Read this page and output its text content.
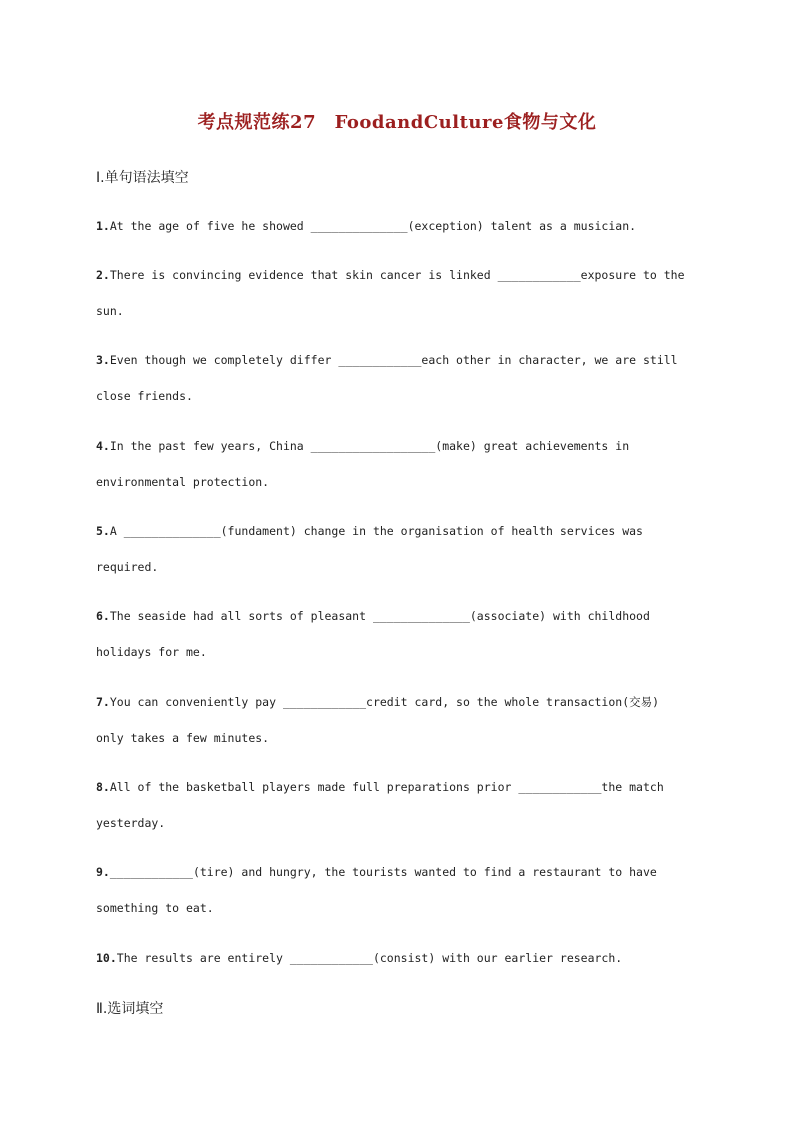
考点规范练27　FoodandCulture食物与文化
Ⅰ.单句语法填空
1.At the age of five he showed ______________(exception) talent as a musician.
2.There is convincing evidence that skin cancer is linked ____________exposure to the
sun.
3.Even though we completely differ ____________each other in character, we are still
close friends.
4.In the past few years, China __________________(make) great achievements in
environmental protection.
5.A ______________(fundament) change in the organisation of health services was
required.
6.The seaside had all sorts of pleasant ______________(associate) with childhood
holidays for me.
7.You can conveniently pay ____________credit card, so the whole transaction(交易)
only takes a few minutes.
8.All of the basketball players made full preparations prior ____________the match
yesterday.
9.____________(tire) and hungry, the tourists wanted to find a restaurant to have
something to eat.
10.The results are entirely ____________(consist) with our earlier research.
Ⅱ.选词填空
